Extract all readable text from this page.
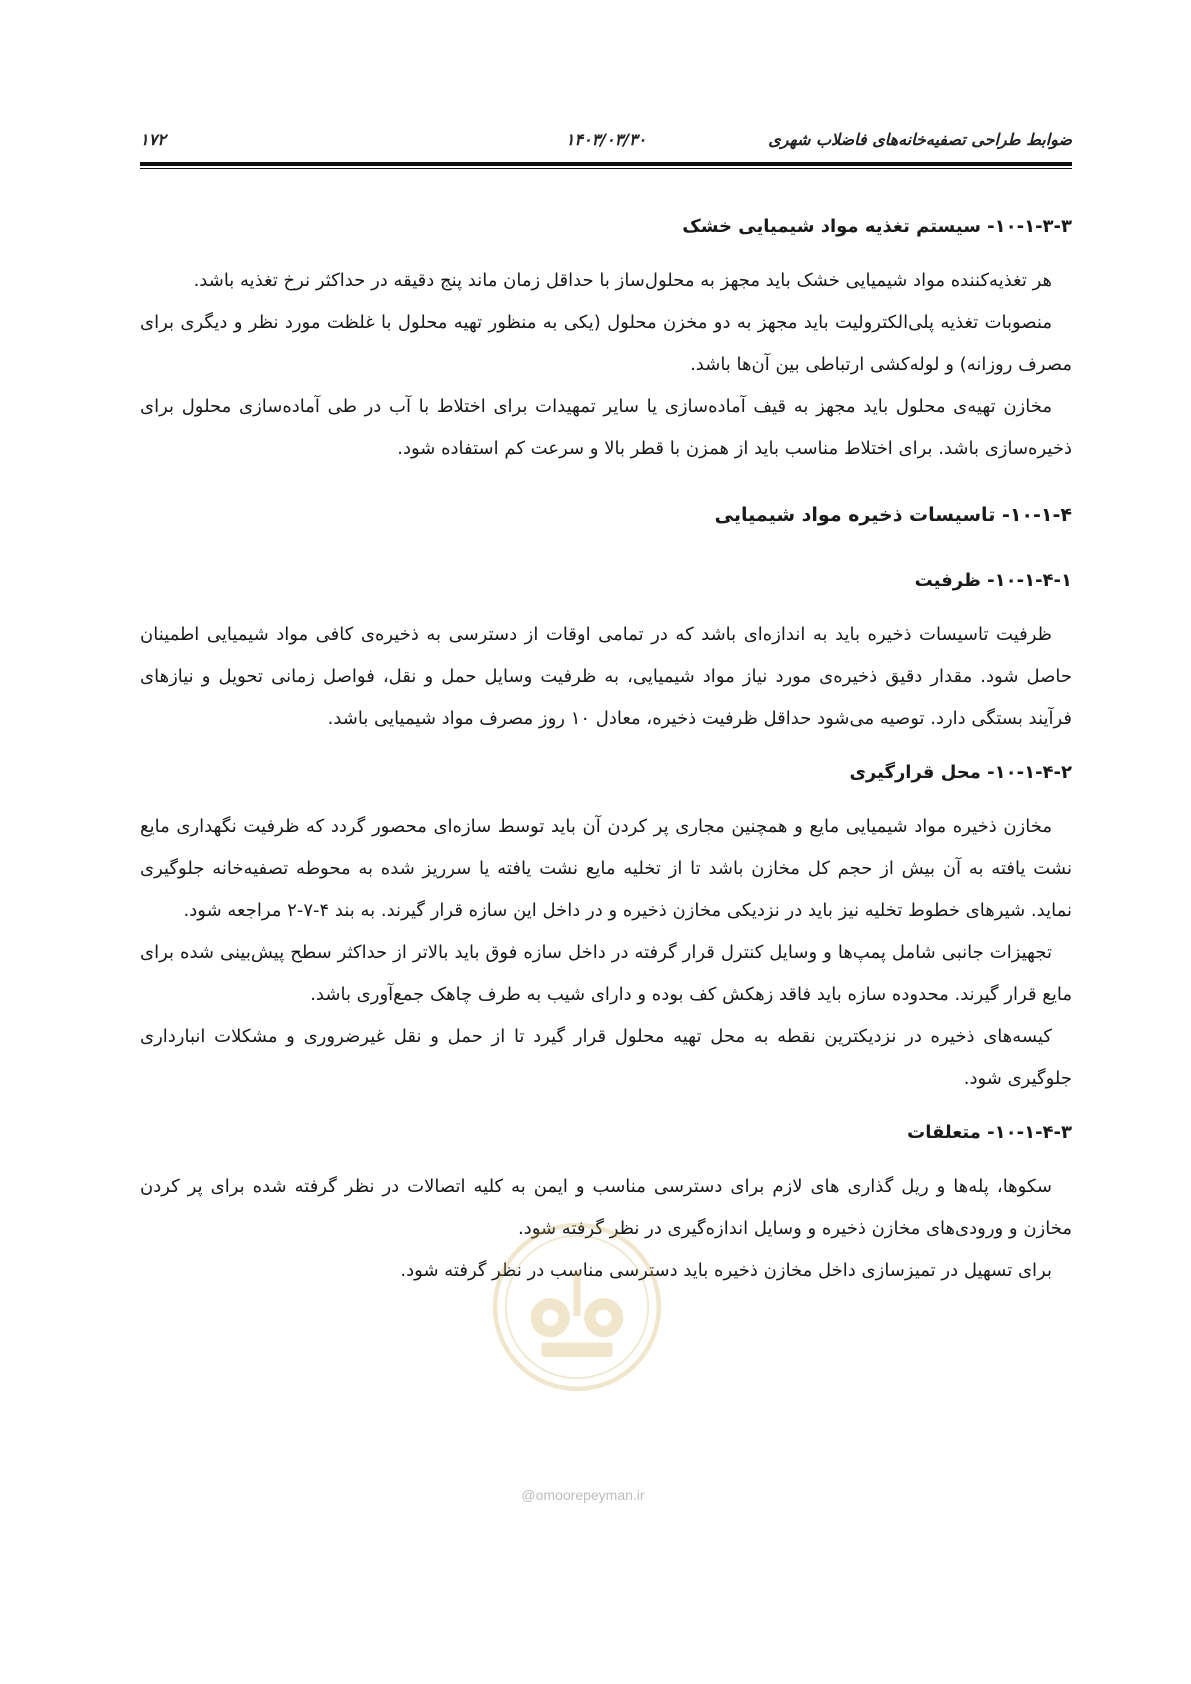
ضوابط طراحی تصفیه‌خانه‌های فاضلاب شهری
۱۴۰۳/۰۳/۳۰
۱۷۲

۱۰-۱-۳-۳- سیستم تغذیه مواد شیمیایی خشک

هر تغذیه‌کننده مواد شیمیایی خشک باید مجهز به محلول‌ساز با حداقل زمان ماند پنج دقیقه در حداکثر نرخ تغذیه باشد.

منصوبات تغذیه پلی‌الکترولیت باید مجهز به دو مخزن محلول (یکی به منظور تهیه محلول با غلظت مورد نظر و دیگری برای مصرف روزانه) و لوله‌کشی ارتباطی بین آن‌ها باشد.

مخازن تهیه‌ی محلول باید مجهز به قیف آماده‌سازی یا سایر تمهیدات برای اختلاط با آب در طی آماده‌سازی محلول برای ذخیره‌سازی باشد. برای اختلاط مناسب باید از همزن با قطر بالا و سرعت کم استفاده شود.

۱۰-۱-۴- تاسیسات ذخیره مواد شیمیایی

۱۰-۱-۴-۱- ظرفیت

ظرفیت تاسیسات ذخیره باید به اندازه‌ای باشد که در تمامی اوقات از دسترسی به ذخیره‌ی کافی مواد شیمیایی اطمینان حاصل شود. مقدار دقیق ذخیره‌ی مورد نیاز مواد شیمیایی، به ظرفیت وسایل حمل و نقل، فواصل زمانی تحویل و نیازهای فرآیند بستگی دارد. توصیه می‌شود حداقل ظرفیت ذخیره، معادل ۱۰ روز مصرف مواد شیمیایی باشد.

۱۰-۱-۴-۲- محل قرارگیری

مخازن ذخیره مواد شیمیایی مایع و همچنین مجاری پر کردن آن باید توسط سازه‌ای محصور گردد که ظرفیت نگهداری مایع نشت یافته به آن بیش از حجم کل مخازن باشد تا از تخلیه مایع نشت یافته یا سرریز شده به محوطه تصفیه‌خانه جلوگیری نماید. شیرهای خطوط تخلیه نیز باید در نزدیکی مخازن ذخیره و در داخل این سازه قرار گیرند. به بند ۴-۷-۲ مراجعه شود.

تجهیزات جانبی شامل پمپ‌ها و وسایل کنترل قرار گرفته در داخل سازه فوق باید بالاتر از حداکثر سطح پیش‌بینی شده برای مایع قرار گیرند. محدوده سازه باید فاقد زهکش کف بوده و دارای شیب به طرف چاهک جمع‌آوری باشد.

کیسه‌های ذخیره در نزدیکترین نقطه به محل تهیه محلول قرار گیرد تا از حمل و نقل غیرضروری و مشکلات انبارداری جلوگیری شود.

۱۰-۱-۴-۳- متعلقات

سکوها، پله‌ها و ریل گذاری های لازم برای دسترسی مناسب و ایمن به کلیه اتصالات در نظر گرفته شده برای پر کردن مخازن و ورودی‌های مخازن ذخیره و وسایل اندازه‌گیری در نظر گرفته شود.

برای تسهیل در تمیزسازی داخل مخازن ذخیره باید دسترسی مناسب در نظر گرفته شود.

@omoorepeyman.ir
